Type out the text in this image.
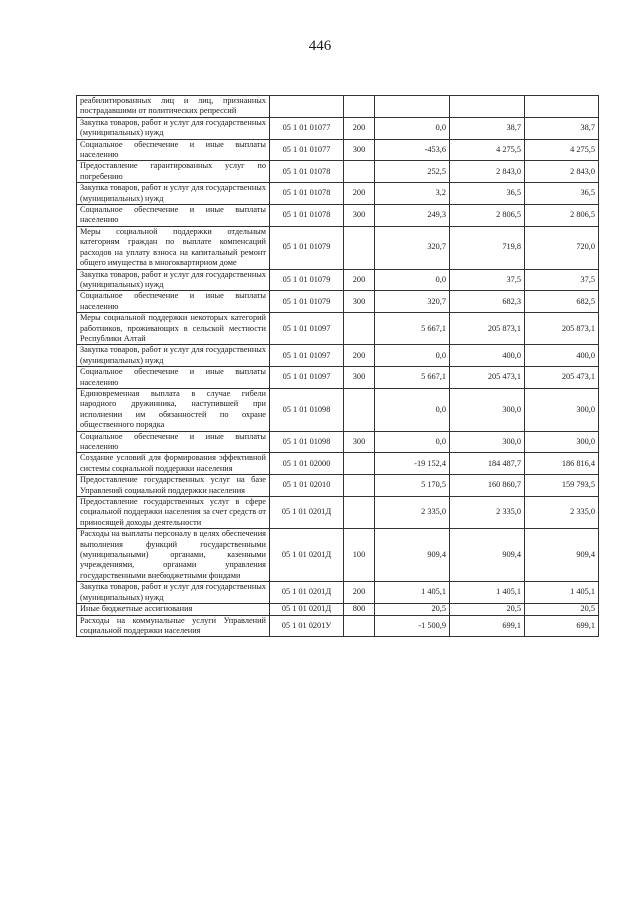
446
реабилитированных лиц и лиц, признанных пострадавшими от политических репрессий					
Закупка товаров, работ и услуг для государственных (муниципальных) нужд	05 1 01 01077	200	0,0	38,7	38,7
Социальное обеспечение и иные выплаты населению	05 1 01 01077	300	-453,6	4 275,5	4 275,5
Предоставление гарантированных услуг по погребению	05 1 01 01078		252,5	2 843,0	2 843,0
Закупка товаров, работ и услуг для государственных (муниципальных) нужд	05 1 01 01078	200	3,2	36,5	36,5
Социальное обеспечение и иные выплаты населению	05 1 01 01078	300	249,3	2 806,5	2 806,5
Меры социальной поддержки отдельным категориям граждан по выплате компенсаций расходов на уплату взноса на капитальный ремонт общего имущества в многоквартирном доме	05 1 01 01079		320,7	719,8	720,0
Закупка товаров, работ и услуг для государственных (муниципальных) нужд	05 1 01 01079	200	0,0	37,5	37,5
Социальное обеспечение и иные выплаты населению	05 1 01 01079	300	320,7	682,3	682,5
Меры социальной поддержки некоторых категорий работников, проживающих в сельской местности Республики Алтай	05 1 01 01097		5 667,1	205 873,1	205 873,1
Закупка товаров, работ и услуг для государственных (муниципальных) нужд	05 1 01 01097	200	0,0	400,0	400,0
Социальное обеспечение и иные выплаты населению	05 1 01 01097	300	5 667,1	205 473,1	205 473,1
Единовременная выплата в случае гибели народного дружинника, наступившей при исполнении им обязанностей по охране общественного порядка	05 1 01 01098		0,0	300,0	300,0
Социальное обеспечение и иные выплаты населению	05 1 01 01098	300	0,0	300,0	300,0
Создание условий для формирования эффективной системы социальной поддержки населения	05 1 01 02000		-19 152,4	184 487,7	186 816,4
Предоставление государственных услуг на базе Управлений социальной поддержки населения	05 1 01 02010		5 170,5	160 860,7	159 793,5
Предоставление государственных услуг в сфере социальной поддержки населения за счет средств от приносящей доходы деятельности	05 1 01 0201Д		2 335,0	2 335,0	2 335,0
Расходы на выплаты персоналу в целях обеспечения выполнения функций государственными (муниципальными) органами, казенными учреждениями, органами управления государственными внебюджетными фондами	05 1 01 0201Д	100	909,4	909,4	909,4
Закупка товаров, работ и услуг для государственных (муниципальных) нужд	05 1 01 0201Д	200	1 405,1	1 405,1	1 405,1
Иные бюджетные ассигнования	05 1 01 0201Д	800	20,5	20,5	20,5
Расходы на коммунальные услуги Управлений социальной поддержки населения	05 1 01 0201У		-1 500,9	699,1	699,1
